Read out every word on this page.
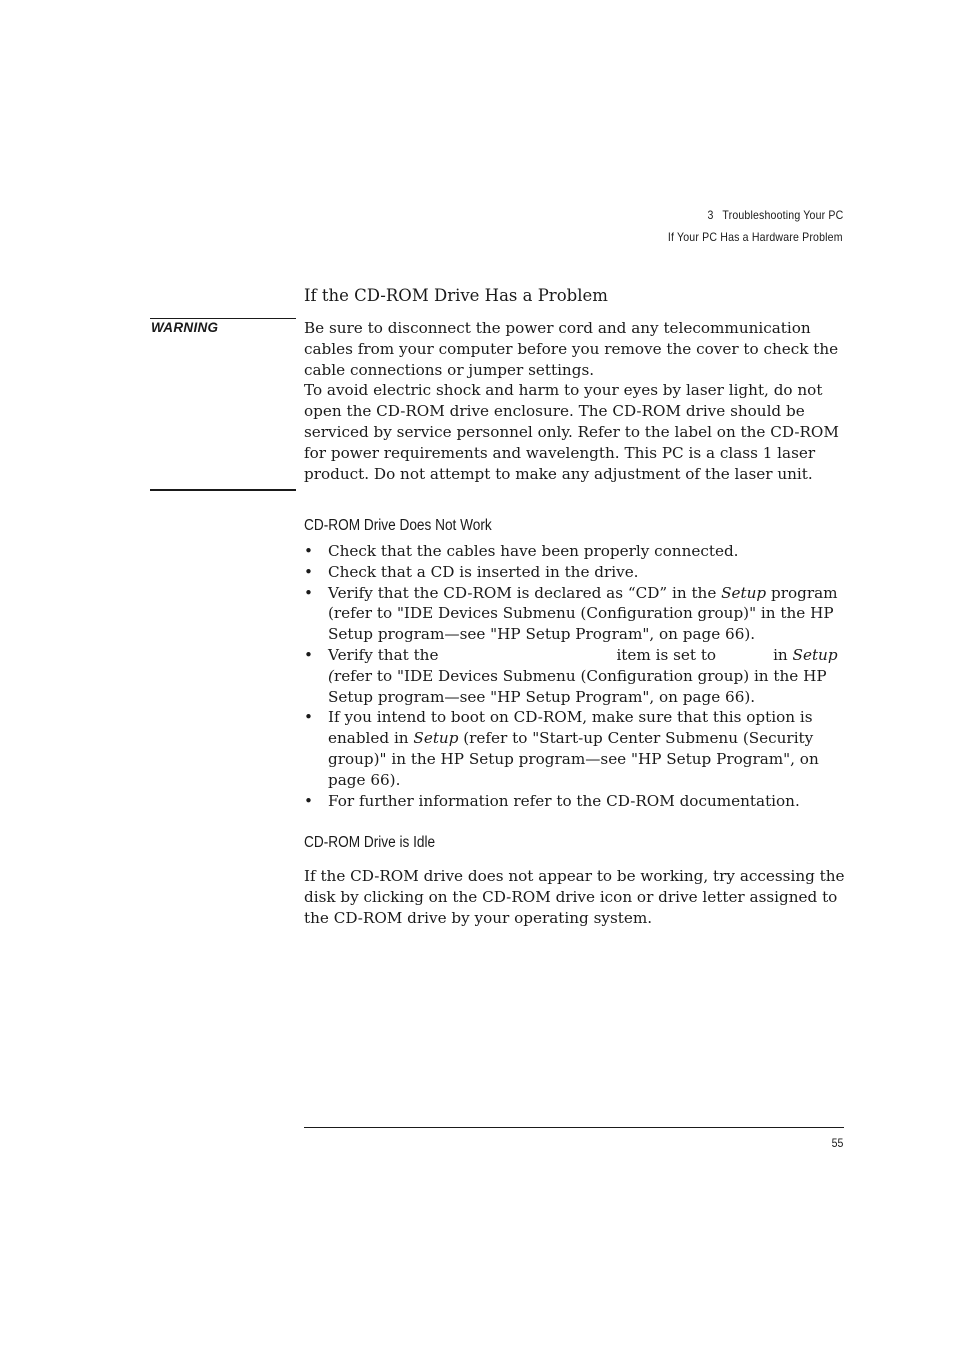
3 Troubleshooting Your PC
If Your PC Has a Hardware Problem
If the CD-ROM Drive Has a Problem
WARNING	Be sure to disconnect the power cord and any telecommunication cables from your computer before you remove the cover to check the cable connections or jumper settings.

To avoid electric shock and harm to your eyes by laser light, do not open the CD-ROM drive enclosure. The CD-ROM drive should be serviced by service personnel only. Refer to the label on the CD-ROM for power requirements and wavelength. This PC is a class 1 laser product. Do not attempt to make any adjustment of the laser unit.

CD-ROM Drive Does Not Work
• Check that the cables have been properly connected.
• Check that a CD is inserted in the drive.
• Verify that the CD-ROM is declared as “CD” in the Setup program (refer to "IDE Devices Submenu (Configuration group)" in the HP Setup program—see "HP Setup Program", on page 66).
• Verify that the	item is set to	in Setup
(refer to "IDE Devices Submenu (Configuration group) in the HP Setup program—see "HP Setup Program", on page 66).
• If you intend to boot on CD-ROM, make sure that this option is enabled in Setup (refer to "Start-up Center Submenu (Security group)" in the HP Setup program—see "HP Setup Program", on page 66).
• For further information refer to the CD-ROM documentation.
CD-ROM Drive is Idle

If the CD-ROM drive does not appear to be working, try accessing the disk by clicking on the CD-ROM drive icon or drive letter assigned to the CD-ROM drive by your operating system.

55
